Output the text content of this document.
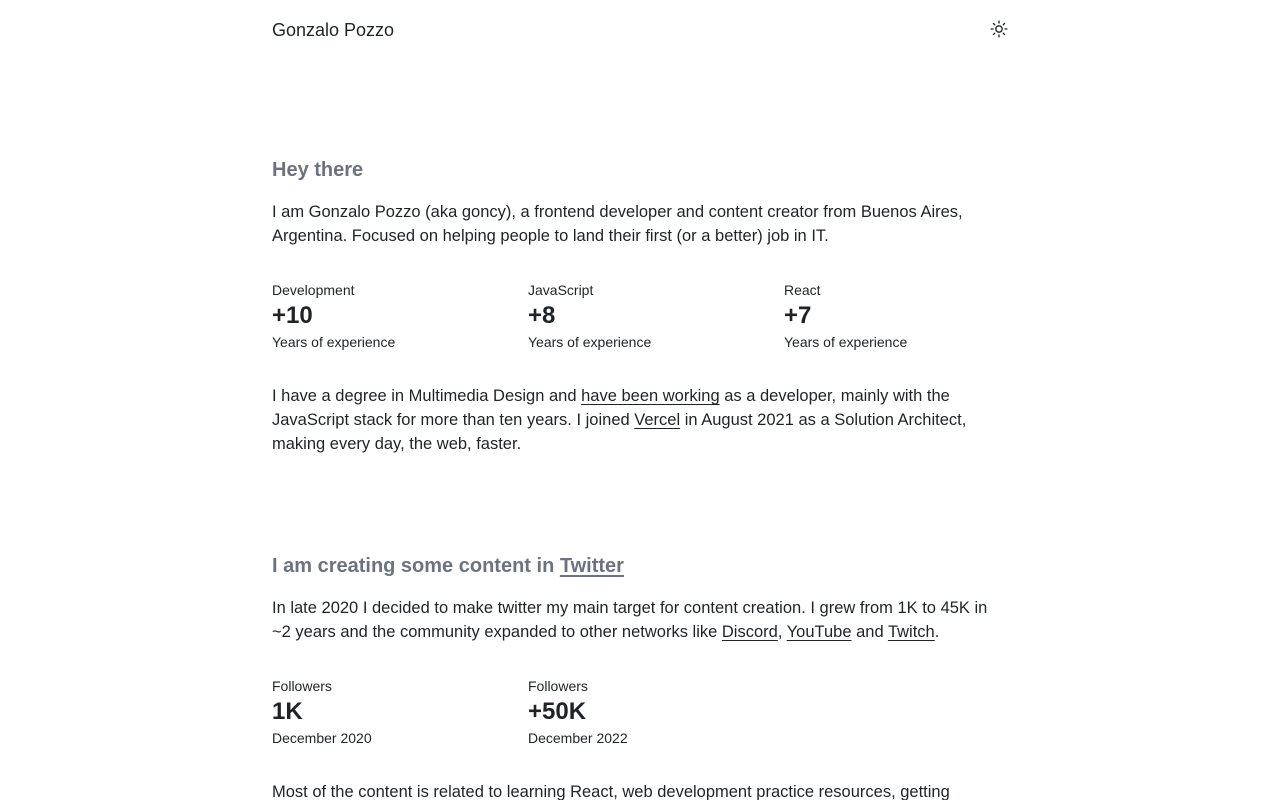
Gonzalo Pozzo
Hey there

I am Gonzalo Pozzo (aka goncy), a frontend developer and content creator from Buenos Aires, Argentina. Focused on helping people to land their first (or a better) job in IT.

Development
+10
Years of experience
JavaScript
+8
Years of experience
React
+7
Years of experience

I have a degree in Multimedia Design and have been working as a developer, mainly with the JavaScript stack for more than ten years. I joined Vercel in August 2021 as a Solution Architect, making every day, the web, faster.

I am creating some content in Twitter

In late 2020 I decided to make twitter my main target for content creation. I grew from 1K to 45K in ~2 years and the community expanded to other networks like Discord, YouTube and Twitch.

Followers
1K
December 2020
Followers
+50K
December 2022

Most of the content is related to learning React, web development practice resources, getting
